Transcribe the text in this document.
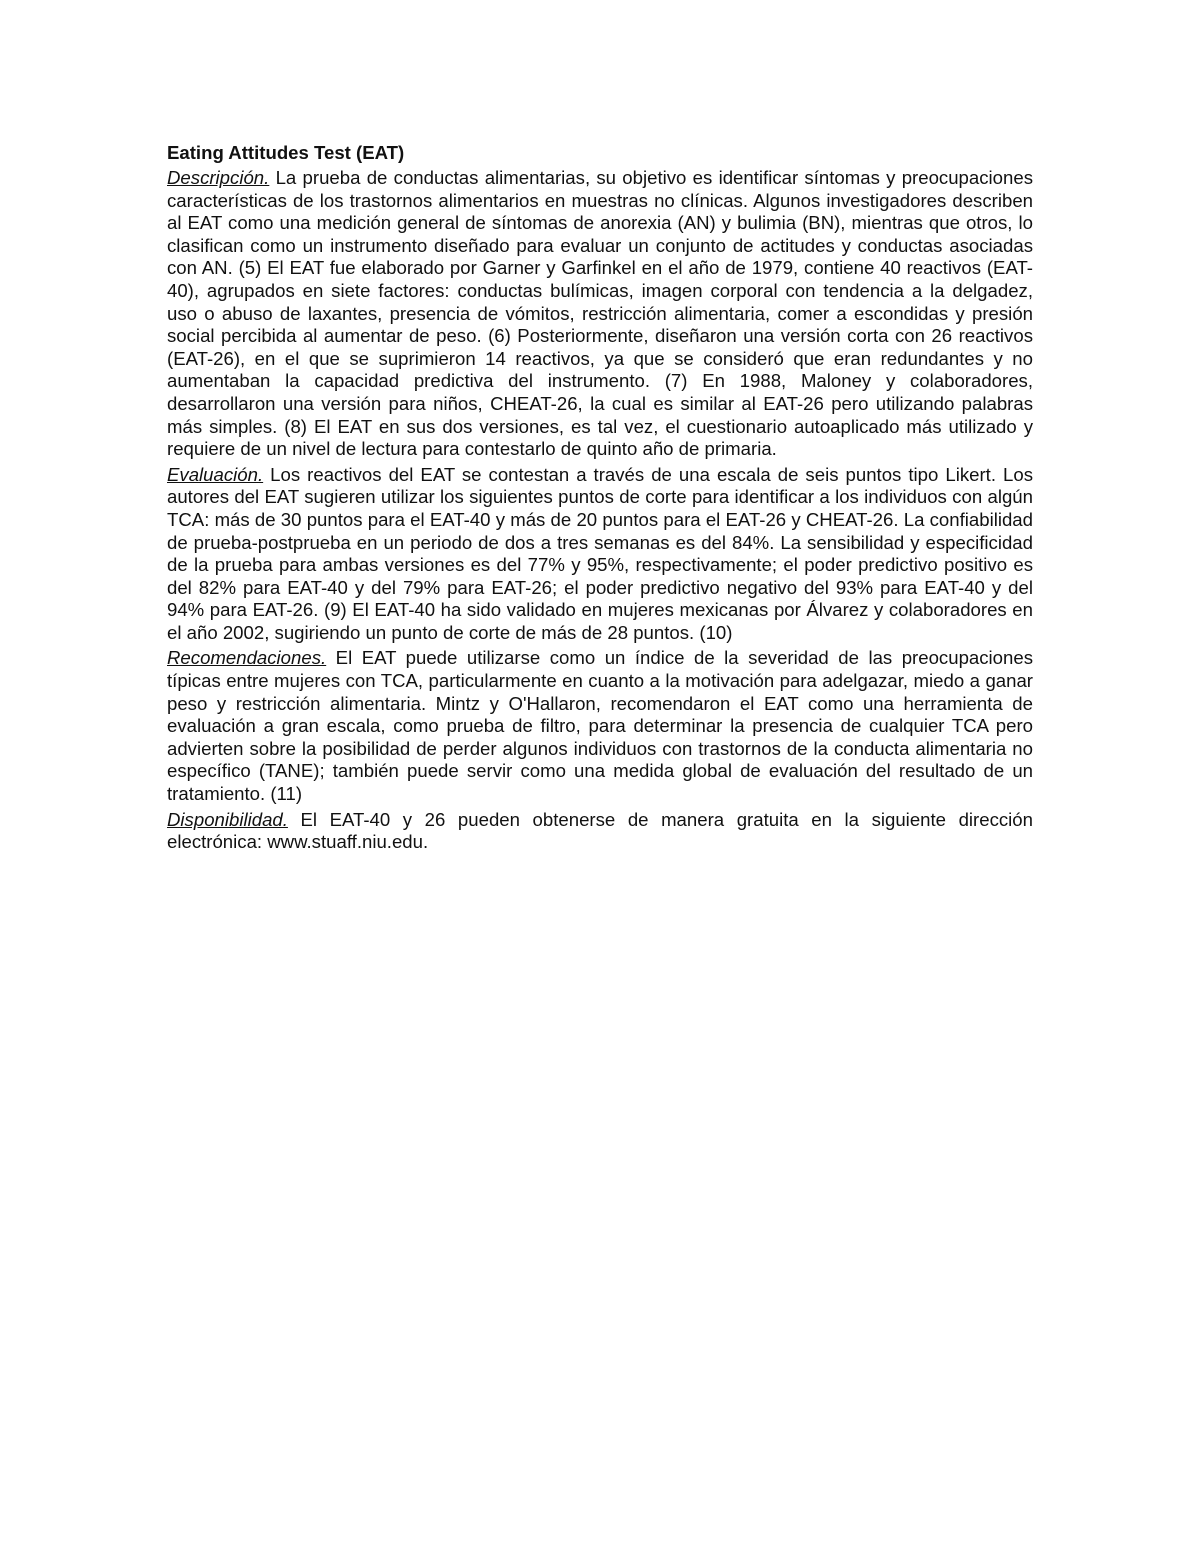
Eating Attitudes Test (EAT)

Descripción. La prueba de conductas alimentarias, su objetivo es identificar síntomas y preocupaciones características de los trastornos alimentarios en muestras no clínicas. Algunos investigadores describen al EAT como una medición general de síntomas de anorexia (AN) y bulimia (BN), mientras que otros, lo clasifican como un instrumento diseñado para evaluar un conjunto de actitudes y conductas asociadas con AN. (5) El EAT fue elaborado por Garner y Garfinkel en el año de 1979, contiene 40 reactivos (EAT-40), agrupados en siete factores: conductas bulímicas, imagen corporal con tendencia a la delgadez, uso o abuso de laxantes, presencia de vómitos, restricción alimentaria, comer a escondidas y presión social percibida al aumentar de peso. (6) Posteriormente, diseñaron una versión corta con 26 reactivos (EAT-26), en el que se suprimieron 14 reactivos, ya que se consideró que eran redundantes y no aumentaban la capacidad predictiva del instrumento. (7) En 1988, Maloney y colaboradores, desarrollaron una versión para niños, CHEAT-26, la cual es similar al EAT-26 pero utilizando palabras más simples. (8) El EAT en sus dos versiones, es tal vez, el cuestionario autoaplicado más utilizado y requiere de un nivel de lectura para contestarlo de quinto año de primaria.

Evaluación. Los reactivos del EAT se contestan a través de una escala de seis puntos tipo Likert. Los autores del EAT sugieren utilizar los siguientes puntos de corte para identificar a los individuos con algún TCA: más de 30 puntos para el EAT-40 y más de 20 puntos para el EAT-26 y CHEAT-26. La confiabilidad de prueba-postprueba en un periodo de dos a tres semanas es del 84%. La sensibilidad y especificidad de la prueba para ambas versiones es del 77% y 95%, respectivamente; el poder predictivo positivo es del 82% para EAT-40 y del 79% para EAT-26; el poder predictivo negativo del 93% para EAT-40 y del 94% para EAT-26. (9) El EAT-40 ha sido validado en mujeres mexicanas por Álvarez y colaboradores en el año 2002, sugiriendo un punto de corte de más de 28 puntos. (10)

Recomendaciones. El EAT puede utilizarse como un índice de la severidad de las preocupaciones típicas entre mujeres con TCA, particularmente en cuanto a la motivación para adelgazar, miedo a ganar peso y restricción alimentaria. Mintz y O'Hallaron, recomendaron el EAT como una herramienta de evaluación a gran escala, como prueba de filtro, para determinar la presencia de cualquier TCA pero advierten sobre la posibilidad de perder algunos individuos con trastornos de la conducta alimentaria no específico (TANE); también puede servir como una medida global de evaluación del resultado de un tratamiento. (11)

Disponibilidad. El EAT-40 y 26 pueden obtenerse de manera gratuita en la siguiente dirección electrónica: www.stuaff.niu.edu.
